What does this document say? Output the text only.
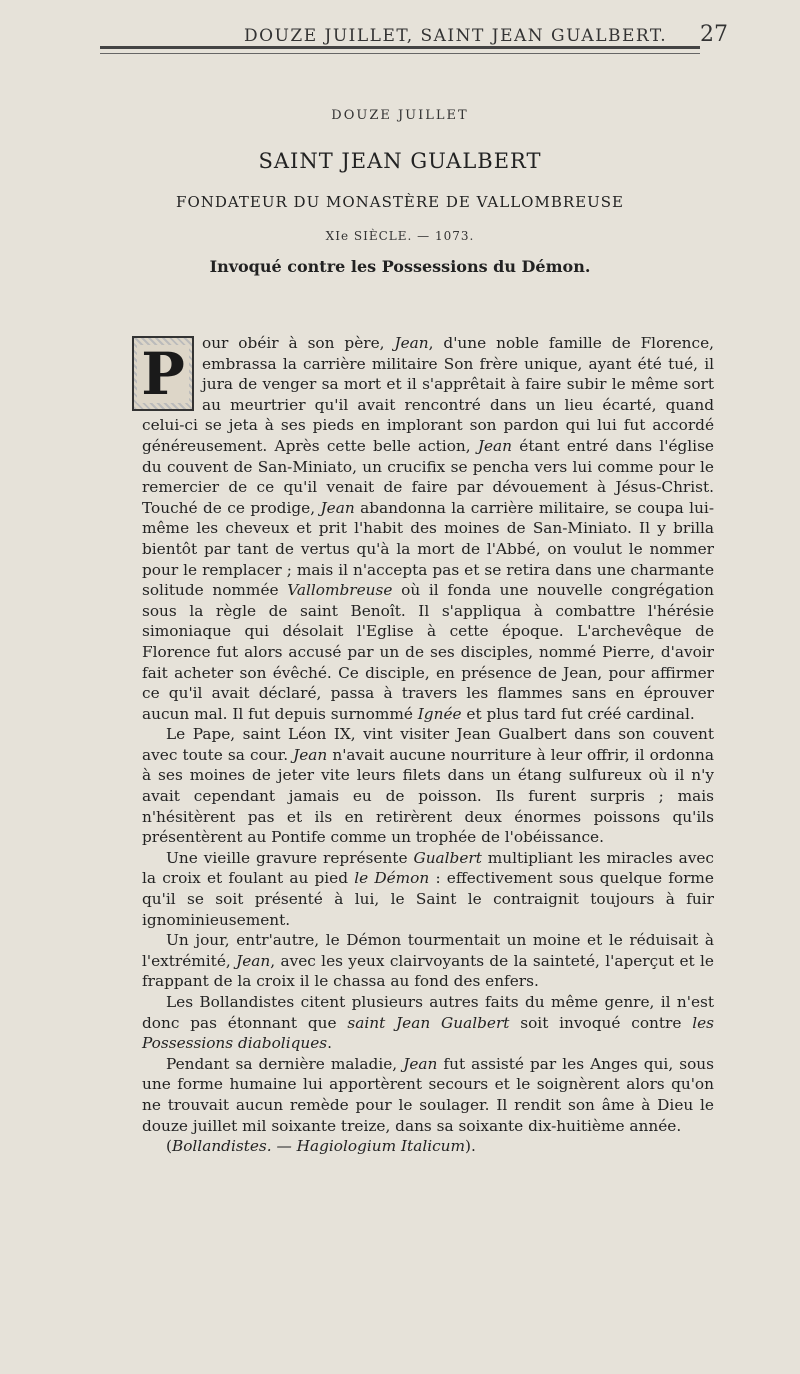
DOUZE JUILLET, SAINT JEAN GUALBERT. 27

DOUZE JUILLET

SAINT JEAN GUALBERT

FONDATEUR DU MONASTÈRE DE VALLOMBREUSE

XIe SIÈCLE. — 1073.

Invoqué contre les Possessions du Démon.

P	our obéir à son père, Jean, d'une noble famille de Florence, embrassa la carrière militaire Son frère unique, ayant été tué, il jura de venger sa mort et il s'apprêtait à faire subir le même sort au meurtrier qu'il avait rencontré dans un lieu écarté, quand celui-ci se jeta à ses pieds en implorant son pardon qui lui fut accordé généreusement. Après cette belle action, Jean étant entré dans l'église du couvent de San-Miniato, un crucifix se pencha vers lui comme pour le remercier de ce qu'il venait de faire par dévouement à Jésus-Christ. Touché de ce prodige, Jean abandonna la carrière militaire, se coupa lui-même les cheveux et prit l'habit des moines de San-Miniato. Il y brilla bientôt par tant de vertus qu'à la mort de l'Abbé, on voulut le nommer pour le remplacer ; mais il n'accepta pas et se retira dans une charmante solitude nommée Vallombreuse où il fonda une nouvelle congrégation sous la règle de saint Benoît. Il s'appliqua à combattre l'hérésie simoniaque qui désolait l'Eglise à cette époque. L'archevêque de Florence fut alors accusé par un de ses disciples, nommé Pierre, d'avoir fait acheter son évêché. Ce disciple, en présence de Jean, pour affirmer ce qu'il avait déclaré, passa à travers les flammes sans en éprouver aucun mal. Il fut depuis surnommé Ignée et plus tard fut créé cardinal.

Le Pape, saint Léon IX, vint visiter Jean Gualbert dans son couvent avec toute sa cour. Jean n'avait aucune nourriture à leur offrir, il ordonna à ses moines de jeter vite leurs filets dans un étang sulfureux où il n'y avait cependant jamais eu de poisson. Ils furent surpris ; mais n'hésitèrent pas et ils en retirèrent deux énormes poissons qu'ils présentèrent au Pontife comme un trophée de l'obéissance.

Une vieille gravure représente Gualbert multipliant les miracles avec la croix et foulant au pied le Démon : effectivement sous quelque forme qu'il se soit présenté à lui, le Saint le contraignit toujours à fuir ignominieusement.

Un jour, entr'autre, le Démon tourmentait un moine et le réduisait à l'extrémité, Jean, avec les yeux clairvoyants de la sainteté, l'aperçut et le frappant de la croix il le chassa au fond des enfers.

Les Bollandistes citent plusieurs autres faits du même genre, il n'est donc pas étonnant que saint Jean Gualbert soit invoqué contre les Possessions diaboliques.

Pendant sa dernière maladie, Jean fut assisté par les Anges qui, sous une forme humaine lui apportèrent secours et le soignèrent alors qu'on ne trouvait aucun remède pour le soulager. Il rendit son âme à Dieu le douze juillet mil soixante treize, dans sa soixante dix-huitième année.

(Bollandistes. — Hagiologium Italicum).
